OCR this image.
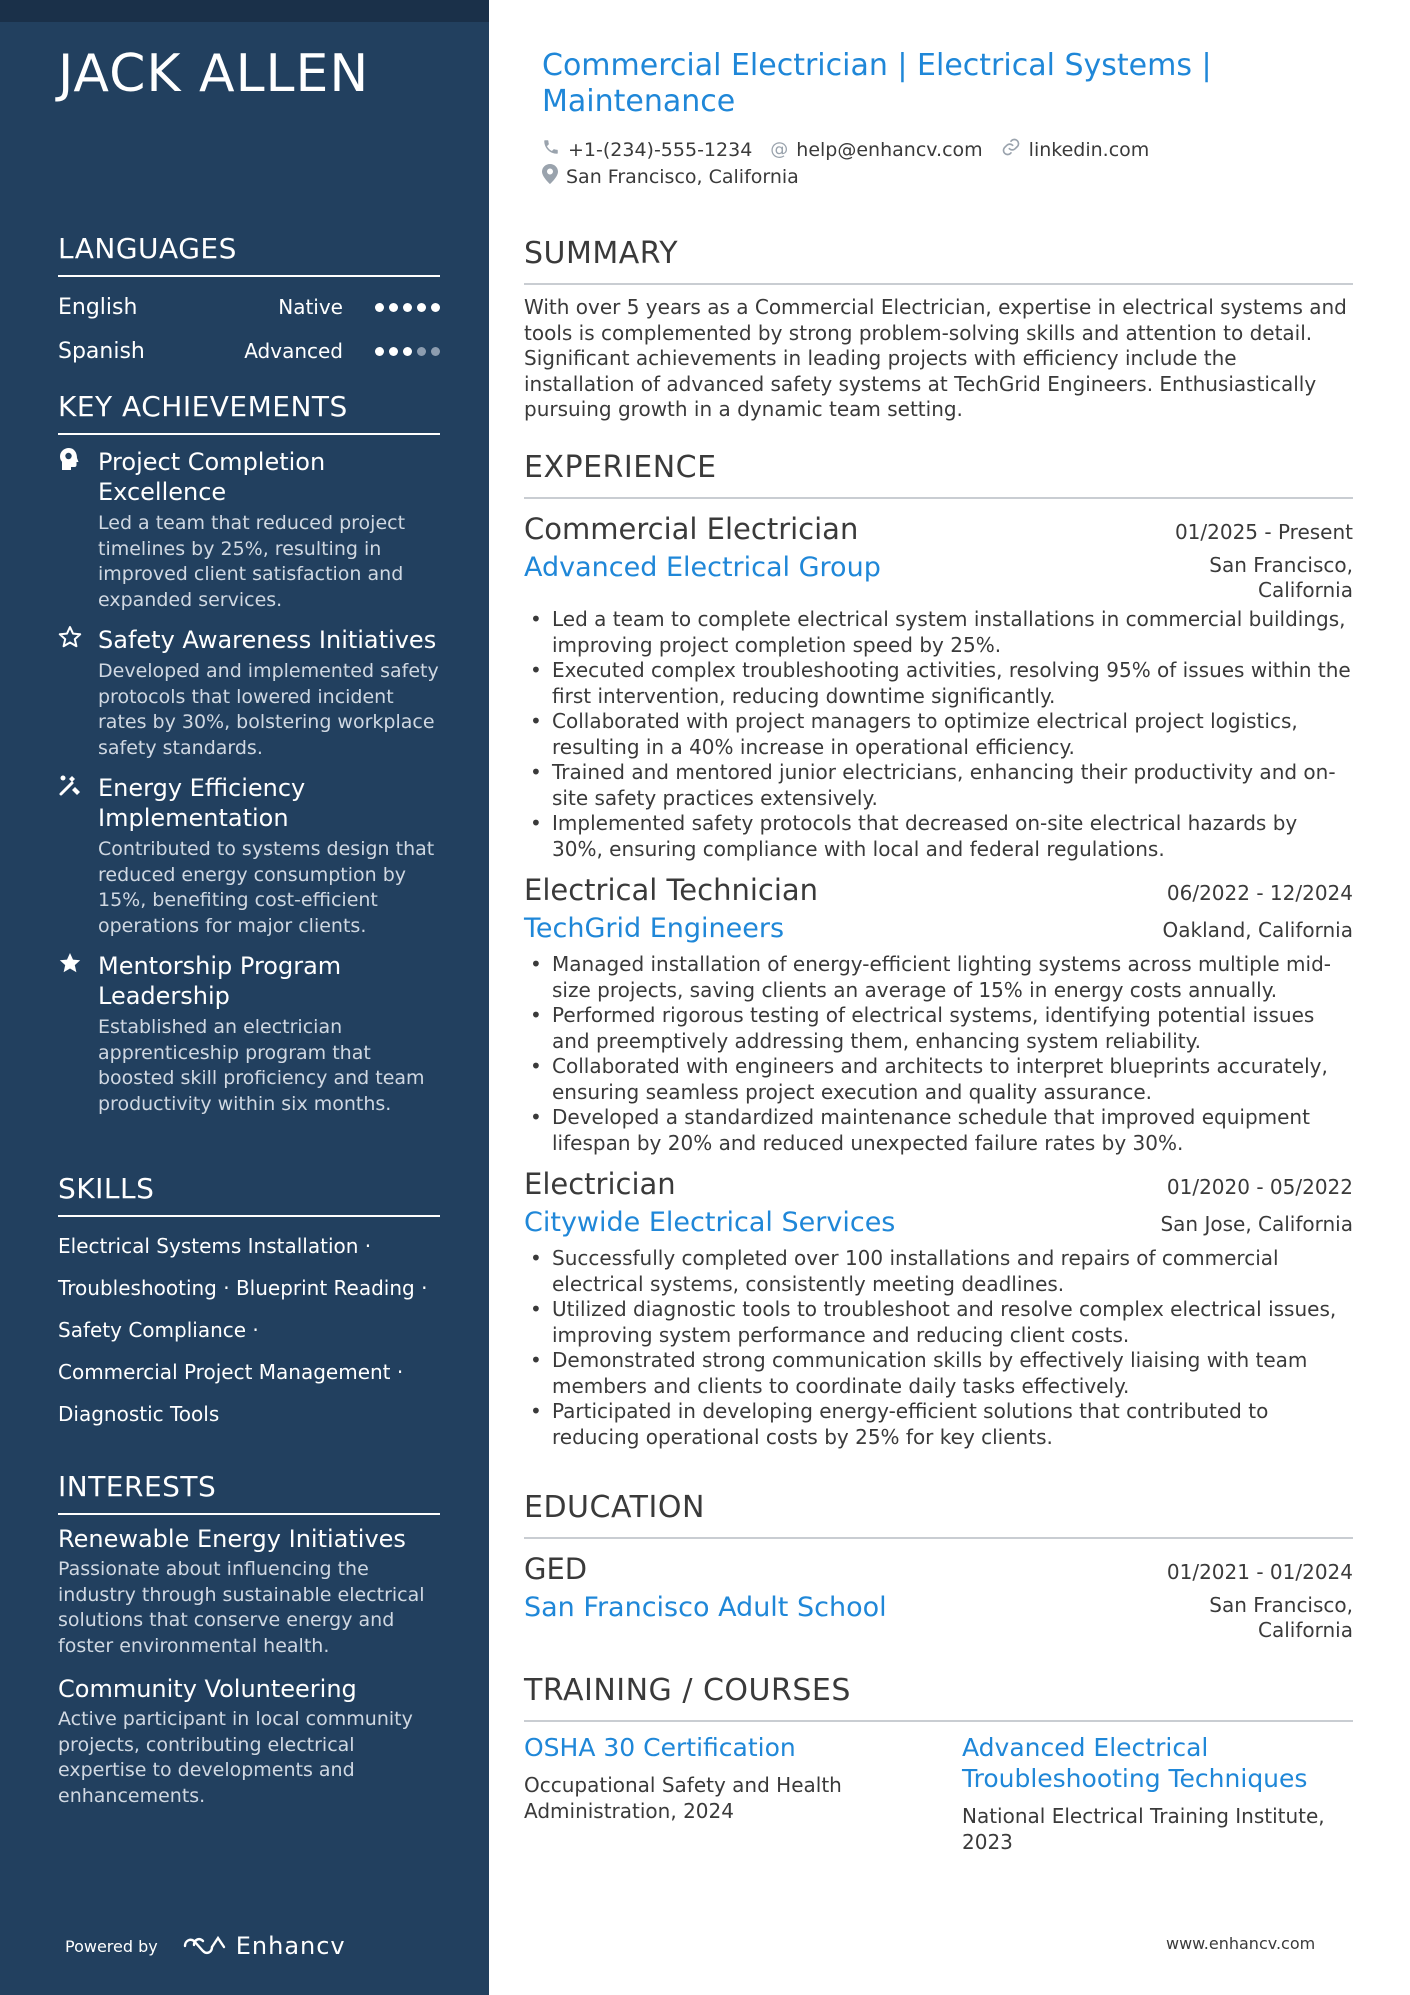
JACK ALLEN
LANGUAGES
English	Native
Spanish	Advanced
KEY ACHIEVEMENTS
Project Completion Excellence
Led a team that reduced project timelines by 25%, resulting in improved client satisfaction and expanded services.
Safety Awareness Initiatives
Developed and implemented safety protocols that lowered incident rates by 30%, bolstering workplace safety standards.
Energy Efficiency Implementation
Contributed to systems design that reduced energy consumption by 15%, benefiting cost-efficient operations for major clients.
Mentorship Program Leadership
Established an electrician apprenticeship program that boosted skill proficiency and team productivity within six months.
SKILLS
Electrical Systems Installation ·
Troubleshooting · Blueprint Reading ·
Safety Compliance ·
Commercial Project Management ·
Diagnostic Tools
INTERESTS
Renewable Energy Initiatives
Passionate about influencing the industry through sustainable electrical solutions that conserve energy and foster environmental health.
Community Volunteering
Active participant in local community projects, contributing electrical expertise to developments and enhancements.
Powered by	Enhancv
Commercial Electrician | Electrical Systems | Maintenance
+1-(234)-555-1234 @ help@enhancv.com linkedin.com
San Francisco, California
SUMMARY
With over 5 years as a Commercial Electrician, expertise in electrical systems and tools is complemented by strong problem-solving skills and attention to detail. Significant achievements in leading projects with efficiency include the installation of advanced safety systems at TechGrid Engineers. Enthusiastically pursuing growth in a dynamic team setting.
EXPERIENCE
Commercial Electrician	01/2025 - Present
Advanced Electrical Group	San Francisco, California
• Led a team to complete electrical system installations in commercial buildings, improving project completion speed by 25%.
• Executed complex troubleshooting activities, resolving 95% of issues within the first intervention, reducing downtime significantly.
• Collaborated with project managers to optimize electrical project logistics, resulting in a 40% increase in operational efficiency.
• Trained and mentored junior electricians, enhancing their productivity and on-site safety practices extensively.
• Implemented safety protocols that decreased on-site electrical hazards by 30%, ensuring compliance with local and federal regulations.
Electrical Technician	06/2022 - 12/2024
TechGrid Engineers	Oakland, California
• Managed installation of energy-efficient lighting systems across multiple mid-size projects, saving clients an average of 15% in energy costs annually.
• Performed rigorous testing of electrical systems, identifying potential issues and preemptively addressing them, enhancing system reliability.
• Collaborated with engineers and architects to interpret blueprints accurately, ensuring seamless project execution and quality assurance.
• Developed a standardized maintenance schedule that improved equipment lifespan by 20% and reduced unexpected failure rates by 30%.
Electrician	01/2020 - 05/2022
Citywide Electrical Services	San Jose, California
• Successfully completed over 100 installations and repairs of commercial electrical systems, consistently meeting deadlines.
• Utilized diagnostic tools to troubleshoot and resolve complex electrical issues, improving system performance and reducing client costs.
• Demonstrated strong communication skills by effectively liaising with team members and clients to coordinate daily tasks effectively.
• Participated in developing energy-efficient solutions that contributed to reducing operational costs by 25% for key clients.
EDUCATION
GED	01/2021 - 01/2024
San Francisco Adult School	San Francisco, California
TRAINING / COURSES
OSHA 30 Certification
Occupational Safety and Health Administration, 2024
Advanced Electrical Troubleshooting Techniques
National Electrical Training Institute, 2023
www.enhancv.com
